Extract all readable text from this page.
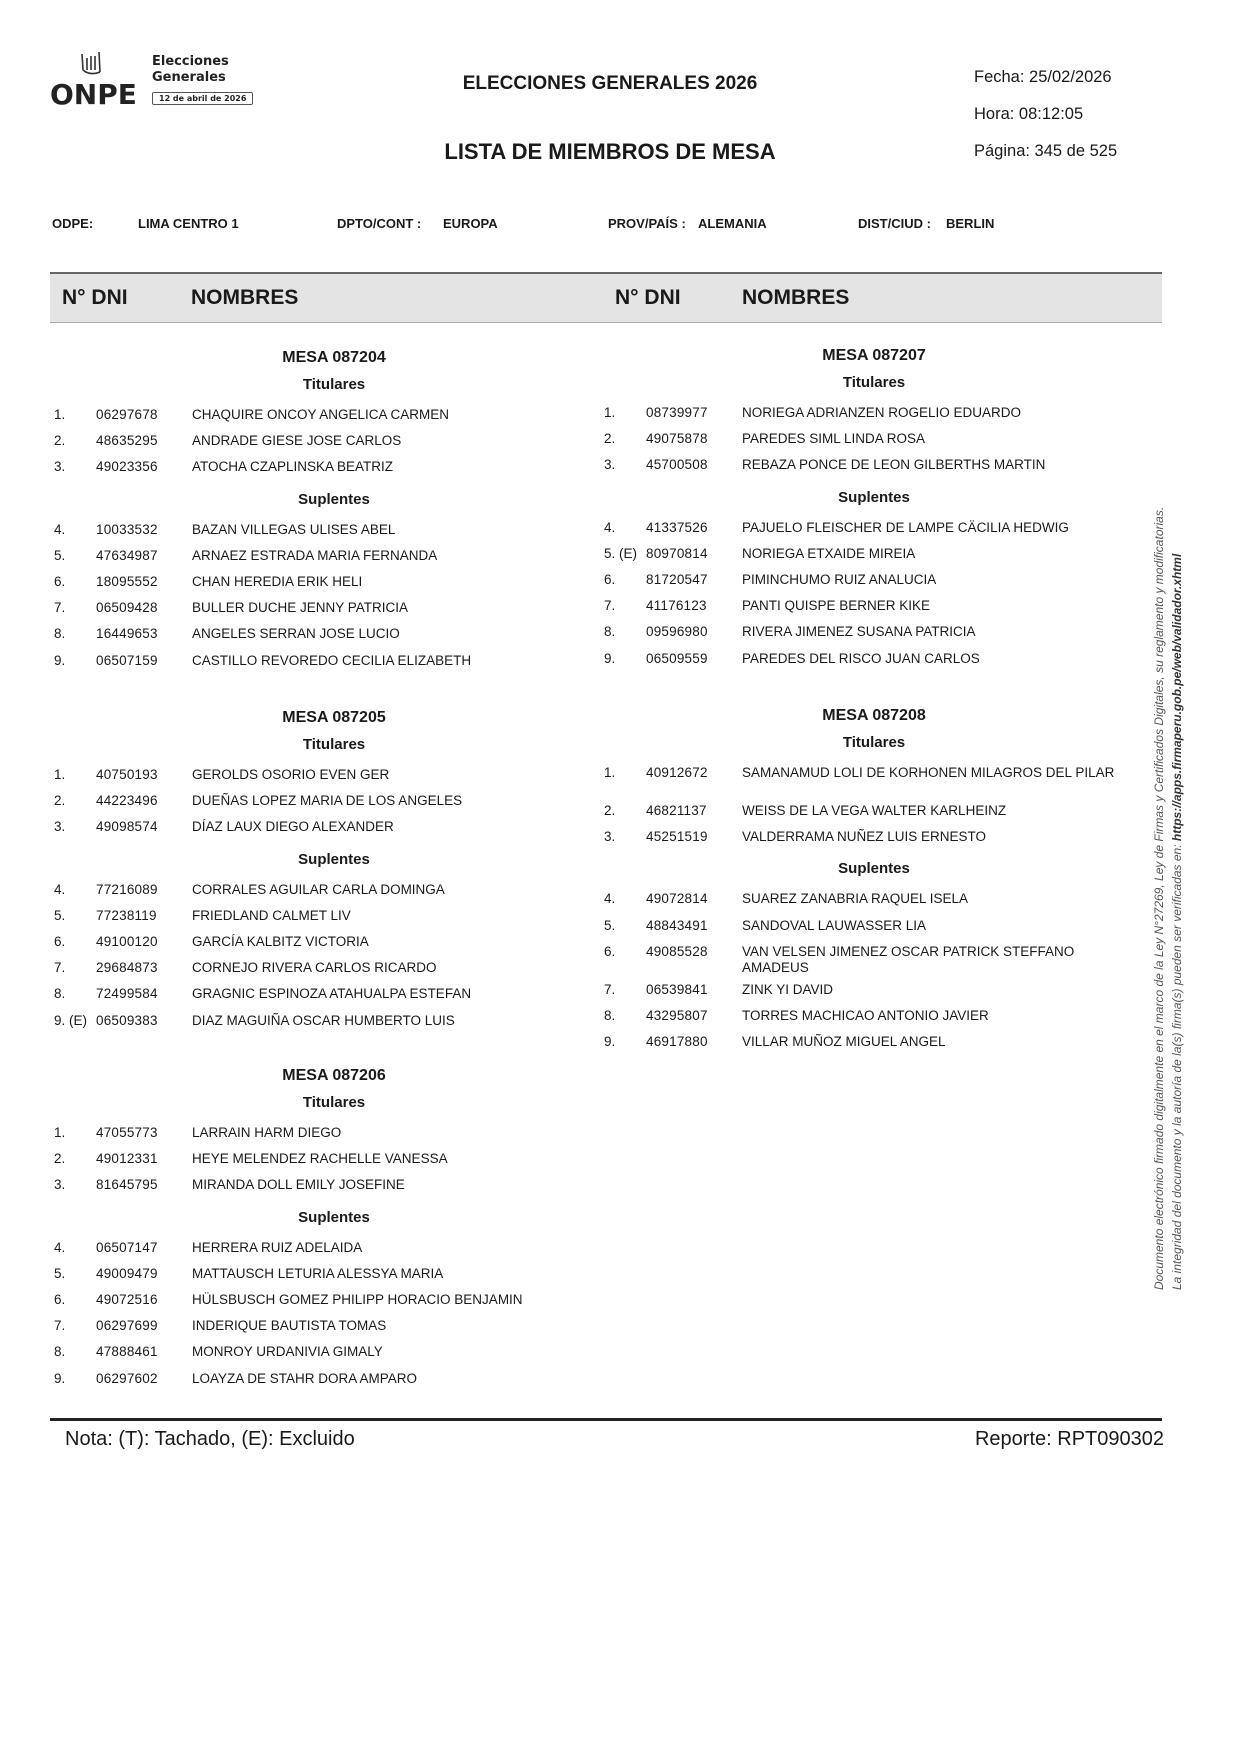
ONPE
Elecciones
Generales
12 de abril de 2026
ELECCIONES GENERALES 2026
LISTA DE MIEMBROS DE MESA
Fecha: 25/02/2026
Hora: 08:12:05
Página: 345 de 525
ODPE:	LIMA CENTRO 1	DPTO/CONT : EUROPA	PROV/PAÍS : ALEMANIA	DIST/CIUD : BERLIN
N° DNI	NOMBRES	N° DNI	NOMBRES
MESA 087204
Titulares
1. 06297678	CHAQUIRE ONCOY ANGELICA CARMEN
2. 48635295	ANDRADE GIESE JOSE CARLOS
3. 49023356	ATOCHA CZAPLINSKA BEATRIZ
Suplentes
4. 10033532	BAZAN VILLEGAS ULISES ABEL
5. 47634987	ARNAEZ ESTRADA MARIA FERNANDA
6. 18095552	CHAN HEREDIA ERIK HELI
7. 06509428	BULLER DUCHE JENNY PATRICIA
8. 16449653	ANGELES SERRAN JOSE LUCIO
9. 06507159	CASTILLO REVOREDO CECILIA ELIZABETH
MESA 087205
Titulares
1. 40750193	GEROLDS OSORIO EVEN GER
2. 44223496	DUEÑAS LOPEZ MARIA DE LOS ANGELES
3. 49098574	DÍAZ LAUX DIEGO ALEXANDER
Suplentes
4. 77216089	CORRALES AGUILAR CARLA DOMINGA
5. 77238119	FRIEDLAND CALMET LIV
6. 49100120	GARCÍA KALBITZ VICTORIA
7. 29684873	CORNEJO RIVERA CARLOS RICARDO
8. 72499584	GRAGNIC ESPINOZA ATAHUALPA ESTEFAN
9. (E) 06509383	DIAZ MAGUIÑA OSCAR HUMBERTO LUIS
MESA 087206
Titulares
1. 47055773	LARRAIN HARM DIEGO
2. 49012331	HEYE MELENDEZ RACHELLE VANESSA
3. 81645795	MIRANDA DOLL EMILY JOSEFINE
Suplentes
4. 06507147	HERRERA RUIZ ADELAIDA
5. 49009479	MATTAUSCH LETURIA ALESSYA MARIA
6. 49072516	HÜLSBUSCH GOMEZ PHILIPP HORACIO BENJAMIN
7. 06297699	INDERIQUE BAUTISTA TOMAS
8. 47888461	MONROY URDANIVIA GIMALY
9. 06297602	LOAYZA DE STAHR DORA AMPARO
MESA 087207
Titulares
1. 08739977	NORIEGA ADRIANZEN ROGELIO EDUARDO
2. 49075878	PAREDES SIML LINDA ROSA
3. 45700508	REBAZA PONCE DE LEON GILBERTHS MARTIN
Suplentes
4. 41337526	PAJUELO FLEISCHER DE LAMPE CÄCILIA HEDWIG
5. (E) 80970814	NORIEGA ETXAIDE MIREIA
6. 81720547	PIMINCHUMO RUIZ ANALUCIA
7. 41176123	PANTI QUISPE BERNER KIKE
8. 09596980	RIVERA JIMENEZ SUSANA PATRICIA
9. 06509559	PAREDES DEL RISCO JUAN CARLOS
MESA 087208
Titulares
1. 40912672	SAMANAMUD LOLI DE KORHONEN MILAGROS DEL PILAR
2. 46821137	WEISS DE LA VEGA WALTER KARLHEINZ
3. 45251519	VALDERRAMA NUÑEZ LUIS ERNESTO
Suplentes
4. 49072814	SUAREZ ZANABRIA RAQUEL ISELA
5. 48843491	SANDOVAL LAUWASSER LIA
6. 49085528	VAN VELSEN JIMENEZ OSCAR PATRICK STEFFANO AMADEUS
7. 06539841	ZINK YI DAVID
8. 43295807	TORRES MACHICAO ANTONIO JAVIER
9. 46917880	VILLAR MUÑOZ MIGUEL ANGEL
Nota: (T): Tachado, (E): Excluido	Reporte: RPT090302
Documento electrónico firmado digitalmente en el marco de la Ley N°27269, Ley de Firmas y Certificados Digitales, su reglamento y modificatorias. La integridad del documento y la autoría de la(s) firma(s) pueden ser verificadas en: https://apps.firmaperu.gob.pe/web/validador.xhtml
